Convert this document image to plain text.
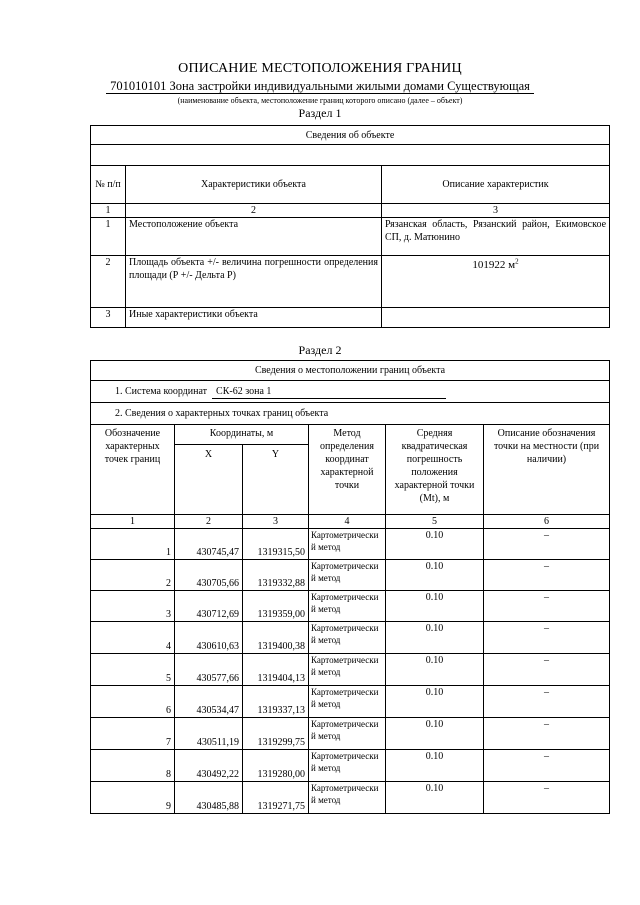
ОПИСАНИЕ МЕСТОПОЛОЖЕНИЯ ГРАНИЦ
701010101 Зона застройки индивидуальными жилыми домами Существующая
(наименование объекта, местоположение границ которого описано (далее – объект)
Раздел 1
Сведения об объекте		

№ п/п	Характеристики объекта	Описание характеристик
1	2	3
1	Местоположение объекта	Рязанская область, Рязанский район, Екимовское СП, д. Матюнино
2	Площадь объекта +/- величина погрешности определения площади (Р +/- Дельта Р)	101922 $м^2$
3	Иные характеристики объекта	
Раздел 2
Сведения о местоположении границ объекта					
1. Система координат СК-62 зона 1					
2. Сведения о характерных точках границ объекта					
Обозначение характерных точек границ	Координаты, м		Метод определения координат характерной точки	Средняя квадратическая погрешность положения характерной точки (Mt), м	Описание обозначения точки на местности (при наличии)
	X	Y			
1	2	3	4	5	6
1	430745,47	1319315,50	Картометрический метод	0.10	–
2	430705,66	1319332,88	Картометрический метод	0.10	–
3	430712,69	1319359,00	Картометрический метод	0.10	–
4	430610,63	1319400,38	Картометрический метод	0.10	–
5	430577,66	1319404,13	Картометрический метод	0.10	–
6	430534,47	1319337,13	Картометрический метод	0.10	–
7	430511,19	1319299,75	Картометрический метод	0.10	–
8	430492,22	1319280,00	Картометрический метод	0.10	–
9	430485,88	1319271,75	Картометрический метод	0.10	–
